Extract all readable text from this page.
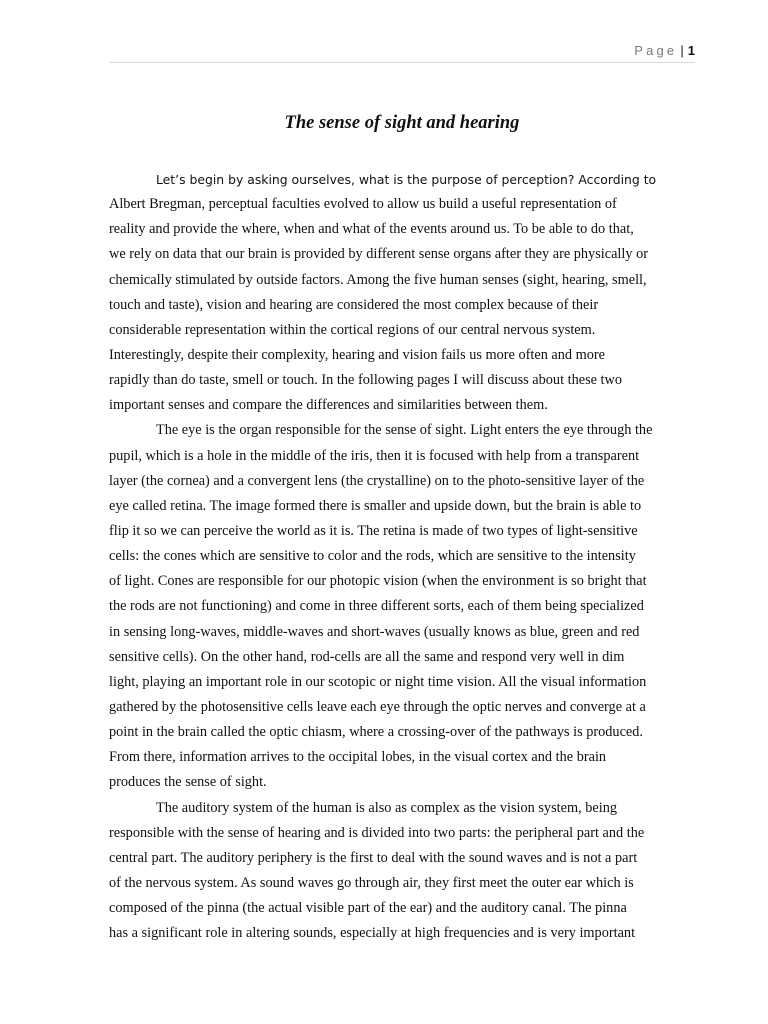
Page | 1
The sense of sight and hearing
Let’s begin by asking ourselves, what is the purpose of perception? According to
Albert Bregman, perceptual faculties evolved to allow us build a useful representation of
reality and provide the where, when and what of the events around us. To be able to do that,
we rely on data that our brain is provided by different sense organs after they are physically or
chemically stimulated by outside factors. Among the five human senses (sight, hearing, smell,
touch and taste), vision and hearing are considered the most complex because of their
considerable representation within the cortical regions of our central nervous system.
Interestingly, despite their complexity, hearing and vision fails us more often and more
rapidly than do taste, smell or touch. In the following pages I will discuss about these two
important senses and compare the differences and similarities between them.
The eye is the organ responsible for the sense of sight. Light enters the eye through the
pupil, which is a hole in the middle of the iris, then it is focused with help from a transparent
layer (the cornea) and a convergent lens (the crystalline) on to the photo-sensitive layer of the
eye called retina. The image formed there is smaller and upside down, but the brain is able to
flip it so we can perceive the world as it is. The retina is made of two types of light-sensitive
cells: the cones which are sensitive to color and the rods, which are sensitive to the intensity
of light. Cones are responsible for our photopic vision (when the environment is so bright that
the rods are not functioning) and come in three different sorts, each of them being specialized
in sensing long-waves, middle-waves and short-waves (usually knows as blue, green and red
sensitive cells). On the other hand, rod-cells are all the same and respond very well in dim
light, playing an important role in our scotopic or night time vision. All the visual information
gathered by the photosensitive cells leave each eye through the optic nerves and converge at a
point in the brain called the optic chiasm, where a crossing-over of the pathways is produced.
From there, information arrives to the occipital lobes, in the visual cortex and the brain
produces the sense of sight.
The auditory system of the human is also as complex as the vision system, being
responsible with the sense of hearing and is divided into two parts: the peripheral part and the
central part. The auditory periphery is the first to deal with the sound waves and is not a part
of the nervous system. As sound waves go through air, they first meet the outer ear which is
composed of the pinna (the actual visible part of the ear) and the auditory canal. The pinna
has a significant role in altering sounds, especially at high frequencies and is very important
